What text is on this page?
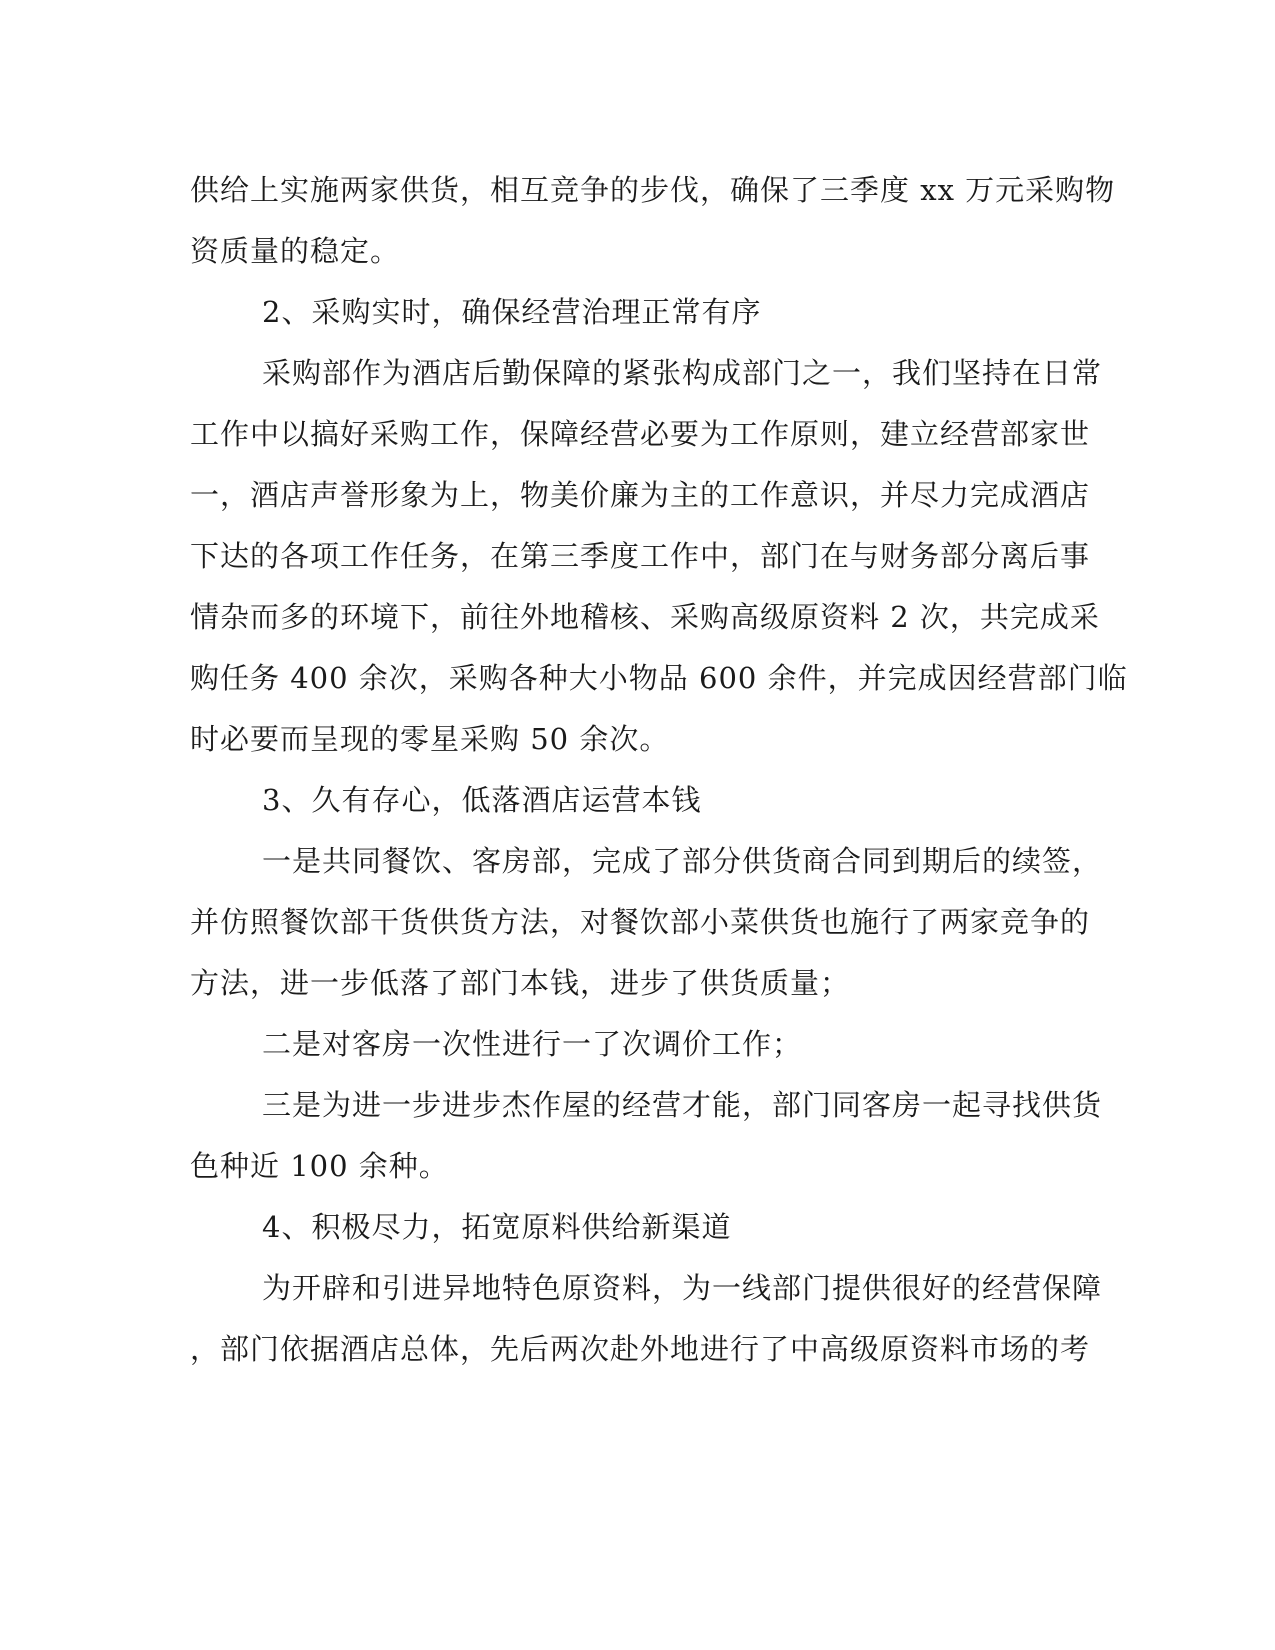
供给上实施两家供货，相互竞争的步伐，确保了三季度 xx 万元采购物
资质量的稳定。
2、采购实时，确保经营治理正常有序
采购部作为酒店后勤保障的紧张构成部门之一，我们坚持在日常
工作中以搞好采购工作，保障经营必要为工作原则，建立经营部家世
一，酒店声誉形象为上，物美价廉为主的工作意识，并尽力完成酒店
下达的各项工作任务，在第三季度工作中，部门在与财务部分离后事
情杂而多的环境下，前往外地稽核、采购高级原资料 2 次，共完成采
购任务 400 余次，采购各种大小物品 600 余件，并完成因经营部门临
时必要而呈现的零星采购 50 余次。
3、久有存心，低落酒店运营本钱
一是共同餐饮、客房部，完成了部分供货商合同到期后的续签，
并仿照餐饮部干货供货方法，对餐饮部小菜供货也施行了两家竞争的
方法，进一步低落了部门本钱，进步了供货质量；
二是对客房一次性进行一了次调价工作；
三是为进一步进步杰作屋的经营才能，部门同客房一起寻找供货
色种近 100 余种。
4、积极尽力，拓宽原料供给新渠道
为开辟和引进异地特色原资料，为一线部门提供很好的经营保障
，部门依据酒店总体，先后两次赴外地进行了中高级原资料市场的考
